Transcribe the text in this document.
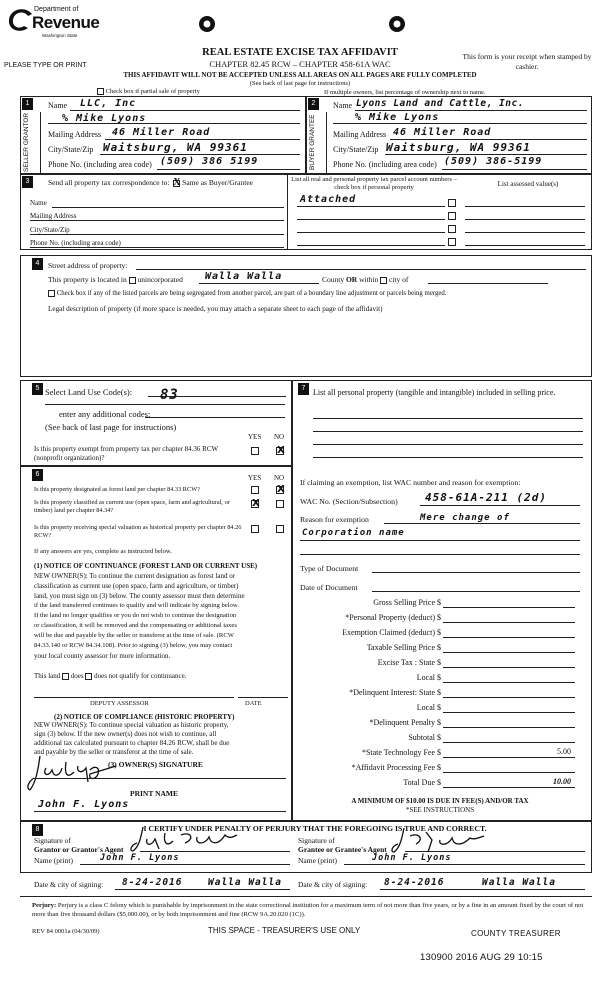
Department of
Revenue
Washington State
PLEASE TYPE OR PRINT
REAL ESTATE EXCISE TAX AFFIDAVIT
CHAPTER 82.45 RCW – CHAPTER 458-61A WAC
This form is your receipt when stamped by cashier.
THIS AFFIDAVIT WILL NOT BE ACCEPTED UNLESS ALL AREAS ON ALL PAGES ARE FULLY COMPLETED
(See back of last page for instructions)
Check box if partial sale of property	If multiple owners, list percentage of ownership next to name.
1	2
SELLER GRANTOR	BUYER GRANTEE
Name LLC, Inc
% Mike Lyons
Mailing Address 46 Miller Road
City/State/Zip Waitsburg, WA 99361
Phone No. (including area code) (509) 386 5199
Name Lyons Land and Cattle, Inc.
% Mike Lyons
Mailing Address 46 Miller Road
City/State/Zip Waitsburg, WA 99361
Phone No. (including area code) (509) 386-5199
3	Send all property tax correspondence to: X Same as Buyer/Grantee
Name
Mailing Address
City/State/Zip
Phone No. (including area code)
List all real and personal property tax parcel account numbers – check box if personal property	List assessed value(s)
Attached
4	Street address of property:
This property is located in unincorporated Walla Walla	County OR within city of
Check box if any of the listed parcels are being segregated from another parcel, are part of a boundary line adjustment or parcels being merged.
Legal description of property (if more space is needed, you may attach a separate sheet to each page of the affidavit)
5 Select Land Use Code(s): 83
enter any additional codes:
(See back of last page for instructions)
YES NO
Is this property exempt from property tax per chapter 84.36 RCW (nonprofit organization)?
X
6	YES NO
Is this property designated as forest land per chapter 84.33 RCW?
X
Is this property classified as current use (open space, farm and agricultural, or timber) land per chapter 84.34?
X
Is this property receiving special valuation as historical property per chapter 84.26 RCW?
If any answers are yes, complete as instructed below.
(1) NOTICE OF CONTINUANCE (FOREST LAND OR CURRENT USE)
NEW OWNER(S): To continue the current designation as forest land or
classification as current use (open space, farm and agriculture, or timber)
land, you must sign on (3) below. The county assessor must then determine
if the land transferred continues to qualify and will indicate by signing below.
If the land no longer qualifies or you do not wish to continue the designation
or classification, it will be removed and the compensating or additional taxes
will be due and payable by the seller or transferor at the time of sale. (RCW
84.33.140 or RCW 84.34.108). Prior to signing (3) below, you may contact
your local county assessor for more information.
This land does does not qualify for continuance.
DEPUTY ASSESSOR	DATE
(2) NOTICE OF COMPLIANCE (HISTORIC PROPERTY)
NEW OWNER(S): To continue special valuation as historic property,
sign (3) below. If the new owner(s) does not wish to continue, all
additional tax calculated pursuant to chapter 84.26 RCW, shall be due
and payable by the seller or transferor at the time of sale.
(3) OWNER(S) SIGNATURE
PRINT NAME
John F. Lyons
7 List all personal property (tangible and intangible) included in selling price.
If claiming an exemption, list WAC number and reason for exemption:
WAC No. (Section/Subsection) 458-61A-211 (2d)
Reason for exemption	Mere change of
Corporation name
Type of Document
Date of Document
Gross Selling Price $
*Personal Property (deduct) $
Exemption Claimed (deduct) $
Taxable Selling Price $
Excise Tax : State $
Local $
*Delinquent Interest: State $
Local $
*Delinquent Penalty $
Subtotal $
*State Technology Fee $	5.00
*Affidavit Processing Fee $
Total Due $	10.00
A MINIMUM OF $10.00 IS DUE IN FEE(S) AND/OR TAX
*SEE INSTRUCTIONS
8	I CERTIFY UNDER PENALTY OF PERJURY THAT THE FOREGOING IS TRUE AND CORRECT.
Signature of
Grantor or Grantor's Agent
Name (print)	John F. Lyons
Signature of
Grantee or Grantee's Agent
Name (print)	John F. Lyons
Date & city of signing: 8-24-2016	Walla Walla Date & city of signing: 8-24-2016	Walla Walla
Perjury: Perjury is a class C felony which is punishable by imprisonment in the state correctional institution for a maximum term of not more than five years, or by a fine in an amount fixed by the court of not more than five thousand dollars ($5,000.00), or by both imprisonment and fine (RCW 9A.20.020 (1C)).
REV 84 0001a (04/30/09)	THIS SPACE - TREASURER'S USE ONLY	COUNTY TREASURER
130900 2016 AUG 29 10:15
